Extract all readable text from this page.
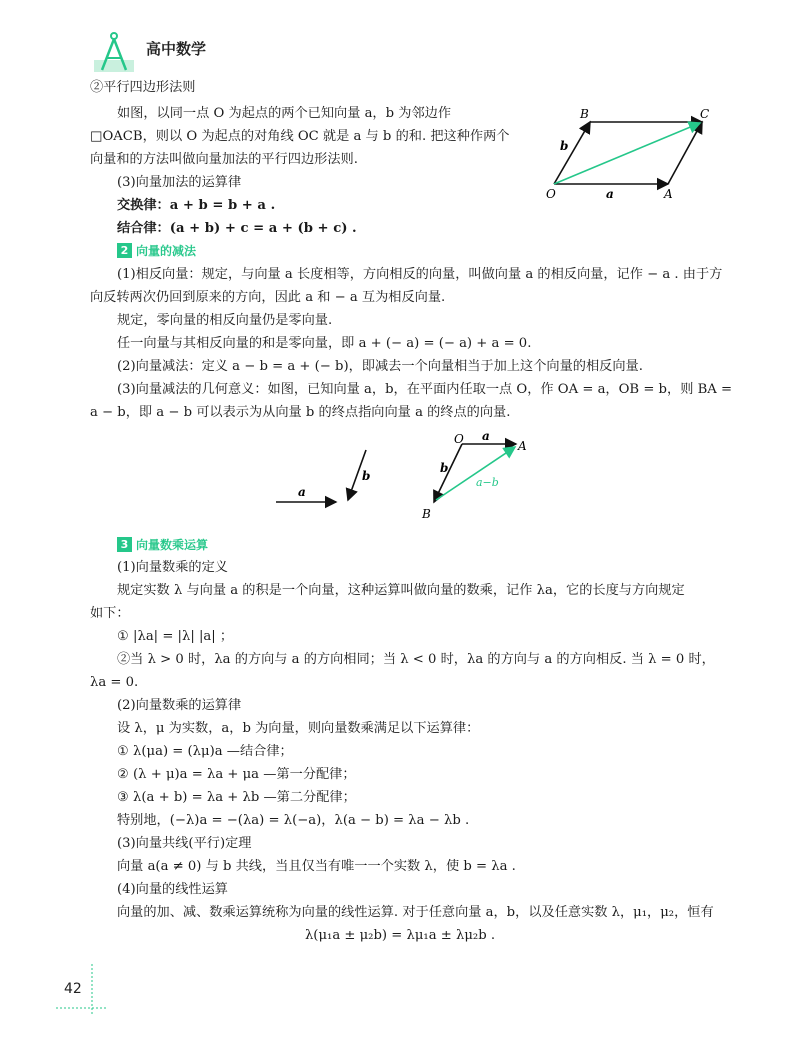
高中数学
②平行四边形法则
如图，以同一点 O 为起点的两个已知向量 a，b 为邻边作
□OACB，则以 O 为起点的对角线 OC 就是 a 与 b 的和. 把这种作两个
向量和的方法叫做向量加法的平行四边形法则.
(3)向量加法的运算律
交换律：a + b = b + a .
结合律：(a + b) + c = a + (b + c) .
B	C
b
O	a	A
2 向量的减法
(1)相反向量：规定，与向量 a 长度相等，方向相反的向量，叫做向量 a 的相反向量，记作 − a . 由于方
向反转两次仍回到原来的方向，因此 a 和 − a 互为相反向量.
规定，零向量的相反向量仍是零向量.
任一向量与其相反向量的和是零向量，即 a + (− a) = (− a) + a = 0.
(2)向量减法：定义 a − b = a + (− b)，即减去一个向量相当于加上这个向量的相反向量.
(3)向量减法的几何意义：如图，已知向量 a，b，在平面内任取一点 O，作 OA = a，OB = b，则 BA =
a − b，即 a − b 可以表示为从向量 b 的终点指向向量 a 的终点的向量.
a
b
O a
A
b
a−b
B
3 向量数乘运算
(1)向量数乘的定义
规定实数 λ 与向量 a 的积是一个向量，这种运算叫做向量的数乘，记作 λa，它的长度与方向规定
如下：
① |λa| = |λ| |a| ；
②当 λ > 0 时，λa 的方向与 a 的方向相同；当 λ < 0 时，λa 的方向与 a 的方向相反. 当 λ = 0 时，
λa = 0.
(2)向量数乘的运算律
设 λ，μ 为实数，a，b 为向量，则向量数乘满足以下运算律：
① λ(μa) = (λμ)a —结合律；
② (λ + μ)a = λa + μa —第一分配律；
③ λ(a + b) = λa + λb —第二分配律；
特别地，(−λ)a = −(λa) = λ(−a)，λ(a − b) = λa − λb .
(3)向量共线(平行)定理
向量 a(a ≠ 0) 与 b 共线，当且仅当有唯一一个实数 λ，使 b = λa .
(4)向量的线性运算
向量的加、减、数乘运算统称为向量的线性运算. 对于任意向量 a，b，以及任意实数 λ，μ₁，μ₂，恒有
λ(μ₁a ± μ₂b) = λμ₁a ± λμ₂b .
42
